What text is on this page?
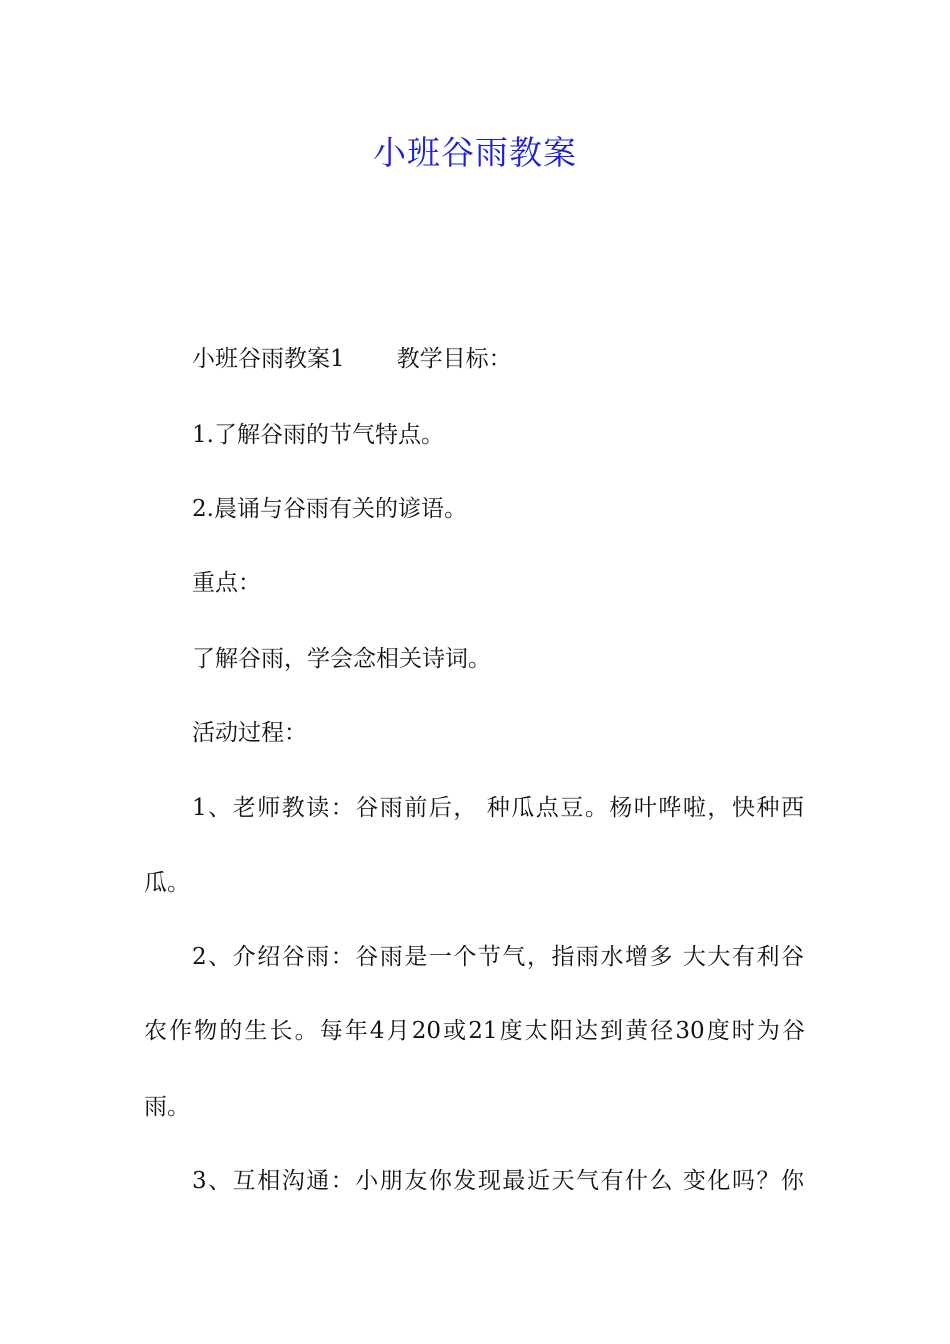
小班谷雨教案
小班谷雨教案1 教学目标：
1.了解谷雨的节气特点。
2.晨诵与谷雨有关的谚语。
重点：
了解谷雨，学会念相关诗词。
活动过程：
1、老师教读：谷雨前后， 种瓜点豆。杨叶哗啦，快种西
瓜。
2、介绍谷雨：谷雨是一个节气，指雨水增多 大大有利谷
农作物的生长。每年4月20或21度太阳达到黄径30度时为谷
雨。
3、互相沟通：小朋友你发现最近天气有什么 变化吗？你
